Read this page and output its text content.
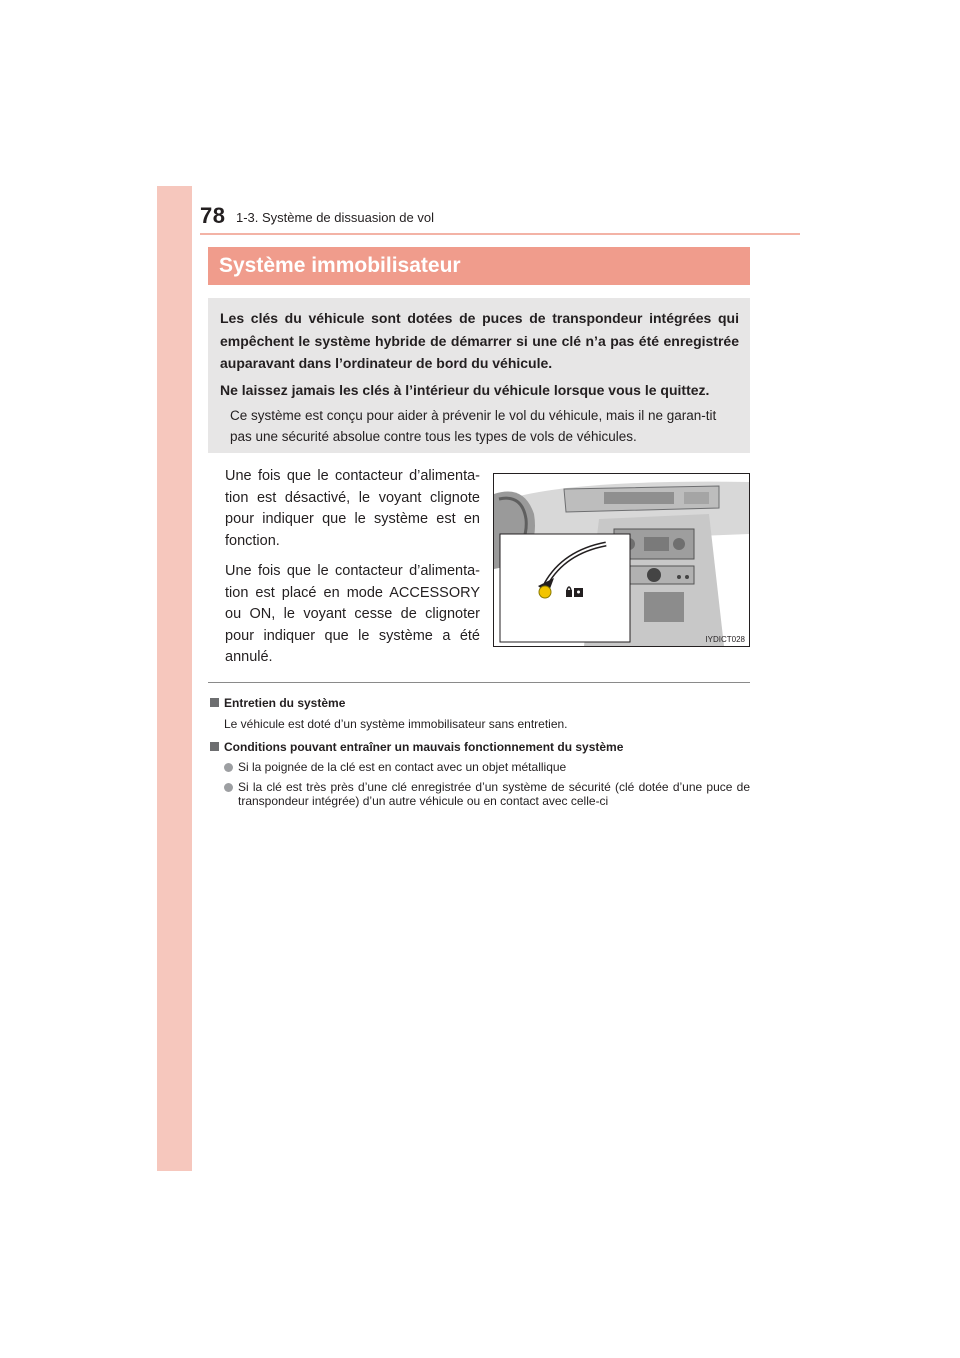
78 1-3. Système de dissuasion de vol
Système immobilisateur

Les clés du véhicule sont dotées de puces de transpondeur intégrées qui empêchent le système hybride de démarrer si une clé n’a pas été enregistrée auparavant dans l’ordinateur de bord du véhicule.

Ne laissez jamais les clés à l’intérieur du véhicule lorsque vous le quittez.

Ce système est conçu pour aider à prévenir le vol du véhicule, mais il ne garan-tit pas une sécurité absolue contre tous les types de vols de véhicules.

Une fois que le contacteur d’alimenta-tion est désactivé, le voyant clignote pour indiquer que le système est en fonction.

Une fois que le contacteur d’alimenta-tion est placé en mode ACCESSORY ou ON, le voyant cesse de clignoter pour indiquer que le système a été annulé.

IYDICT028

Entretien du système

Le véhicule est doté d’un système immobilisateur sans entretien.

Conditions pouvant entraîner un mauvais fonctionnement du système

Si la poignée de la clé est en contact avec un objet métallique
Si la clé est très près d’une clé enregistrée d’un système de sécurité (clé dotée d’une puce de transpondeur intégrée) d’un autre véhicule ou en contact avec celle-ci
